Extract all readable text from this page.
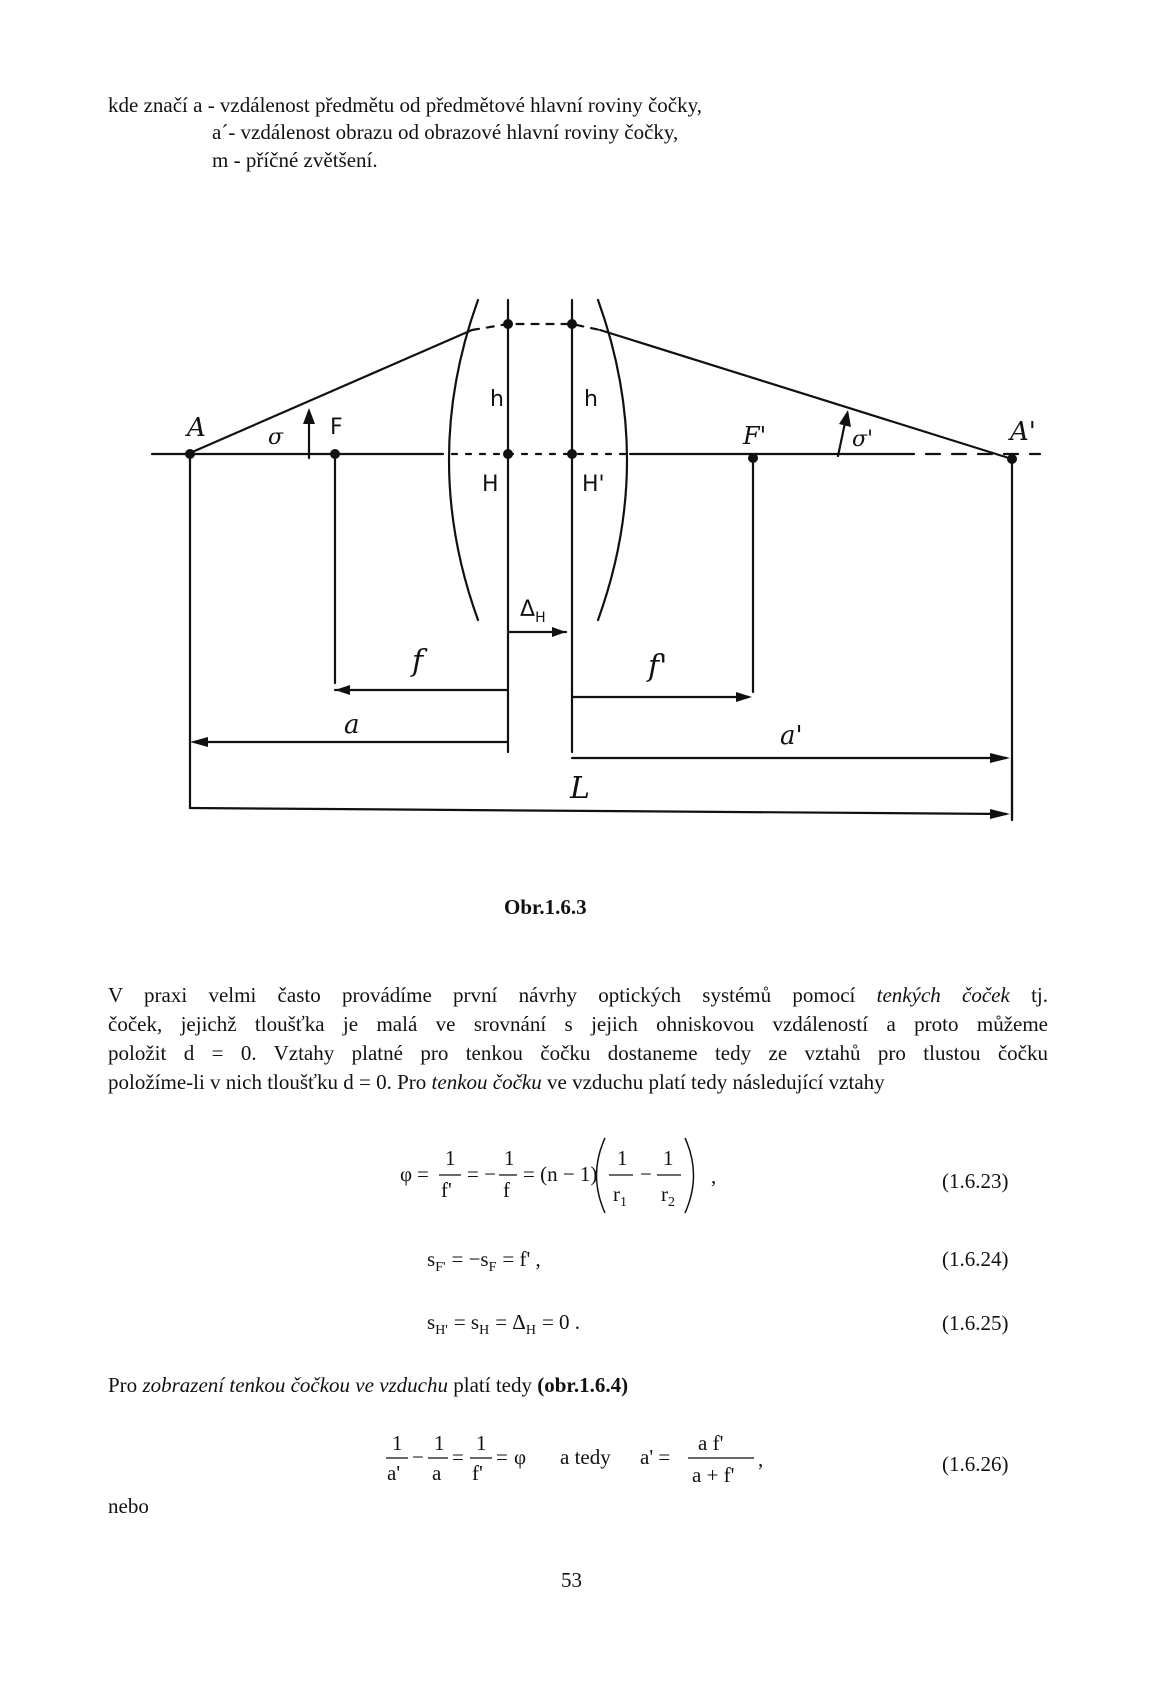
kde značí a - vzdálenost předmětu od předmětové hlavní roviny čočky,
a´- vzdálenost obrazu od obrazové hlavní roviny čočky,
m - příčné zvětšení.
A	σ F
h	h
H	H'
F'	σ'	A'
$\Delta_H$
f	f'
a	a'
L
Obr.1.6.3
V praxi velmi často provádíme první návrhy optických systémů pomocí tenkých čoček tj.
čoček, jejichž tloušťka je malá ve srovnání s jejich ohniskovou vzdáleností a proto můžeme
položit d = 0. Vztahy platné pro tenkou čočku dostaneme tedy ze vztahů pro tlustou čočku
položíme-li v nich tloušťku d = 0. Pro tenkou čočku ve vzduchu platí tedy následující vztahy
φ =
1
f'
= −
1
f
= (n − 1)
1
$r_1$
−
1
$r_2$
,	(1.6.23)
$s_{F'} = -s_F = f'$ ,	(1.6.24)
$s_{H'} = s_H = \Delta_H = 0$ .	(1.6.25)
Pro zobrazení tenkou čočkou ve vzduchu platí tedy (obr.1.6.4)
1
a'
−
1
a
=
1
f'
= φ a tedy a' =
a f'
a + f'
,	(1.6.26)
nebo
53
